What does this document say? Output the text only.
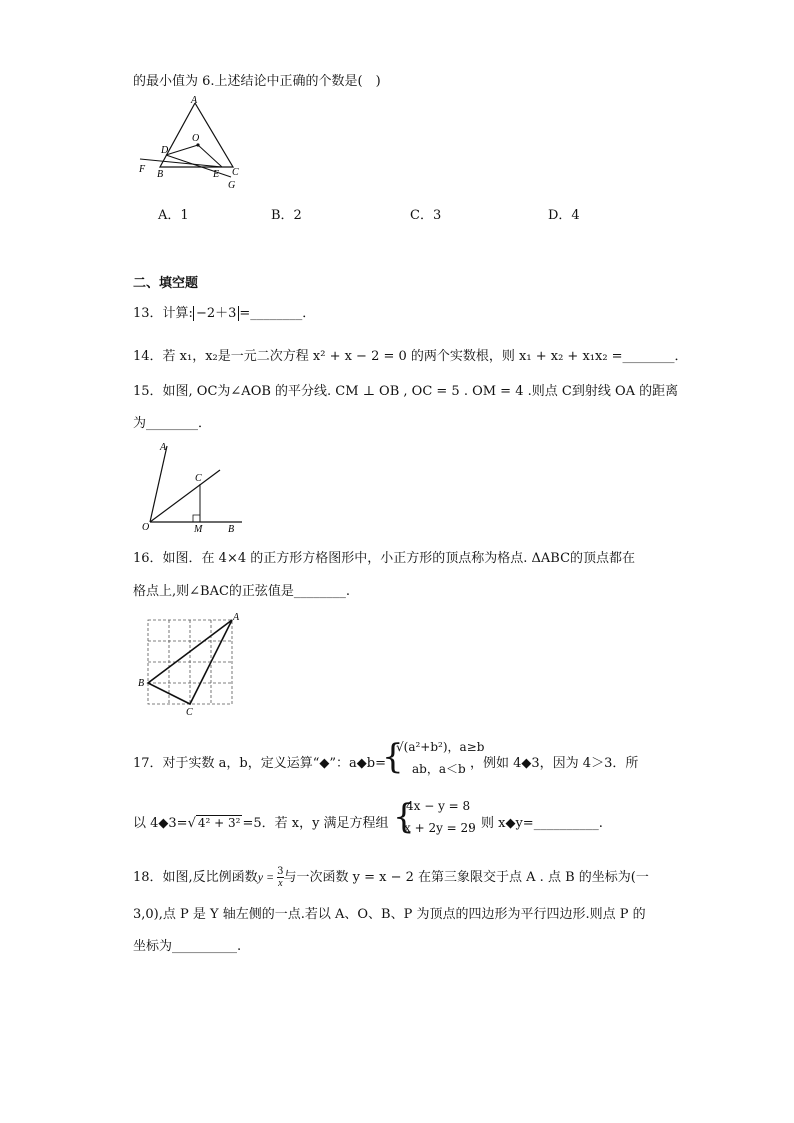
的最小值为 6.上述结论中正确的个数是(　)
A
O
D
F B	E C
G
A．1	B．2	C．3	D．4
二、填空题
13．计算: −2＋3 =________．
14．若 x₁，x₂是一元二次方程 x² + x − 2 = 0 的两个实数根，则 x₁ + x₂ + x₁x₂ =________．
15．如图, OC为∠AOB 的平分线. CM ⊥ OB , OC = 5 . OM = 4 .则点 C到射线 OA 的距离
为________．
A
C
O	M	B
16．如图．在 4×4 的正方形方格图形中，小正方形的顶点称为格点. ΔABC的顶点都在
格点上,则∠BAC的正弦值是________.
A
B
C
17．对于实数 a，b，定义运算“◆”：a◆b=
{
√(a²+b²)，a≥b
ab，a＜b ，例如 4◆3，因为 4＞3．所
以 4◆3=√ 4² + 3² =5．若 x，y 满足方程组 {
4x − y = 8
x + 2y = 29
，则 x◆y=__________.
18．如图,反比例函数$y = \frac{3}{x}$ 与一次函数 y = x − 2 在第三象限交于点 A . 点 B 的坐标为(一
3,0),点 P 是 Y 轴左侧的一点.若以 A、O、B、P 为顶点的四边形为平行四边形.则点 P 的
坐标为__________.
